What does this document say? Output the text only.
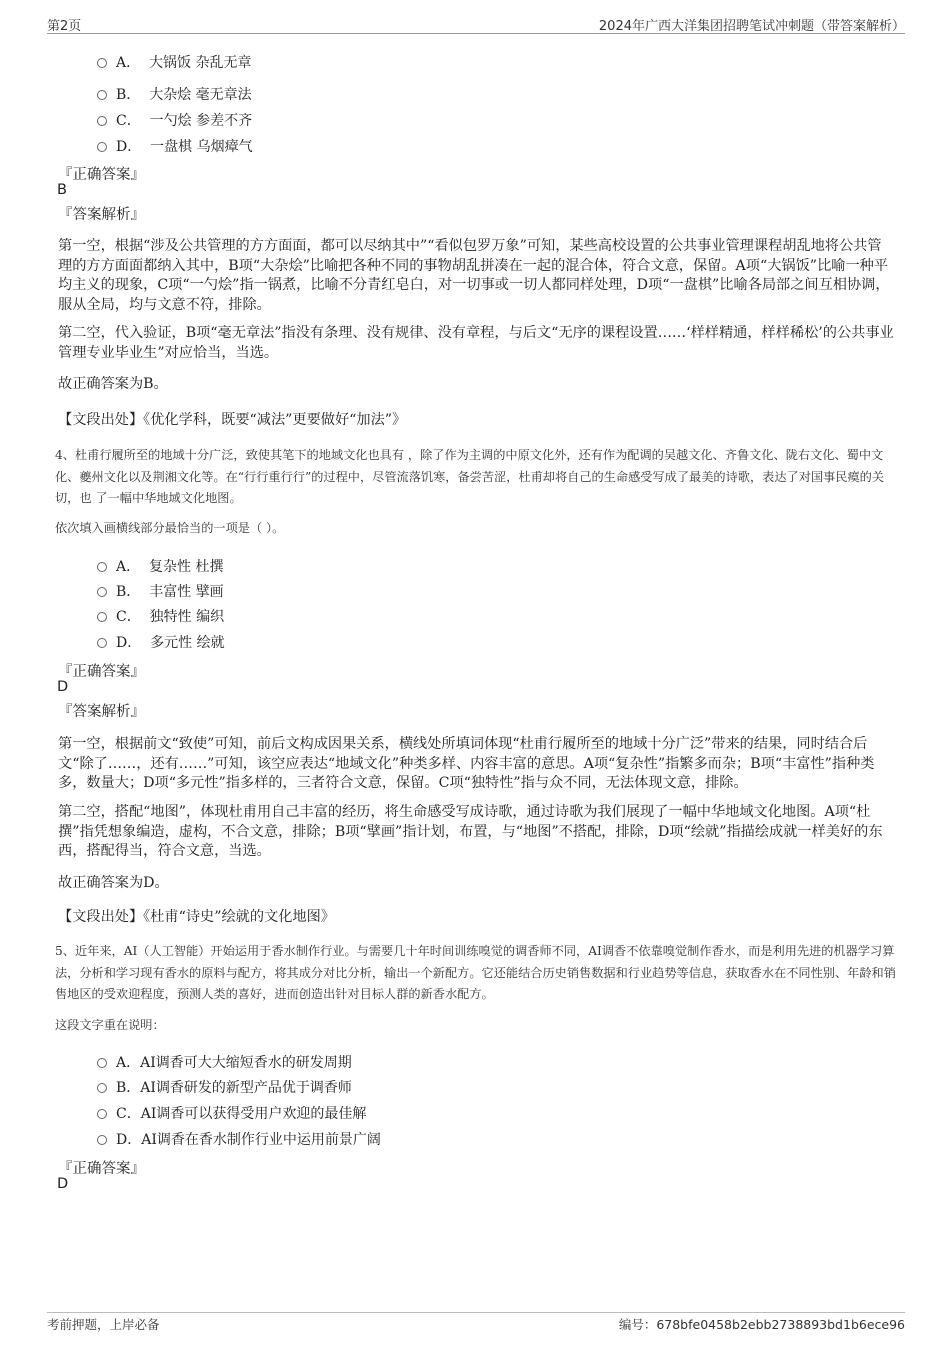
第2页	2024年广西大洋集团招聘笔试冲刺题（带答案解析）
A． 大锅饭 杂乱无章
B． 大杂烩 毫无章法
C． 一勺烩 参差不齐
D． 一盘棋 乌烟瘴气
『正确答案』
B
『答案解析』
第一空，根据“涉及公共管理的方方面面，都可以尽纳其中”“看似包罗万象”可知，某些高校设置的公共事业管理课程胡乱地将公共管理的方方面面都纳入其中，B项“大杂烩”比喻把各种不同的事物胡乱拼凑在一起的混合体，符合文意，保留。A项“大锅饭”比喻一种平均主义的现象，C项“一勺烩”指一锅煮，比喻不分青红皂白，对一切事或一切人都同样处理，D项“一盘棋”比喻各局部之间互相协调，服从全局，均与文意不符，排除。
第二空，代入验证，B项“毫无章法”指没有条理、没有规律、没有章程，与后文“无序的课程设置……‘样样精通，样样稀松’的公共事业管理专业毕业生”对应恰当，当选。
故正确答案为B。
【文段出处】《优化学科，既要“减法”更要做好“加法”》
4、杜甫行履所至的地域十分广泛，致使其笔下的地域文化也具有 ，除了作为主调的中原文化外，还有作为配调的吴越文化、齐鲁文化、陇右文化、蜀中文化、夔州文化以及荆湘文化等。在“行行重行行”的过程中，尽管流落饥寒，备尝苦涩，杜甫却将自己的生命感受写成了最美的诗歌，表达了对国事民瘼的关切，也 了一幅中华地域文化地图。
依次填入画横线部分最恰当的一项是（ ）。
A． 复杂性 杜撰
B． 丰富性 擘画
C． 独特性 编织
D． 多元性 绘就
『正确答案』
D
『答案解析』
第一空，根据前文“致使”可知，前后文构成因果关系，横线处所填词体现“杜甫行履所至的地域十分广泛”带来的结果，同时结合后文“除了……，还有……”可知，该空应表达“地域文化”种类多样、内容丰富的意思。A项“复杂性”指繁多而杂；B项“丰富性”指种类多，数量大；D项“多元性”指多样的，三者符合文意，保留。C项“独特性”指与众不同，无法体现文意，排除。
第二空，搭配“地图”，体现杜甫用自己丰富的经历，将生命感受写成诗歌，通过诗歌为我们展现了一幅中华地域文化地图。A项“杜撰”指凭想象编造，虚构，不合文意，排除；B项“擘画”指计划，布置，与“地图”不搭配，排除，D项“绘就”指描绘成就一样美好的东西，搭配得当，符合文意，当选。
故正确答案为D。
【文段出处】《杜甫“诗史”绘就的文化地图》
5、近年来，AI（人工智能）开始运用于香水制作行业。与需要几十年时间训练嗅觉的调香师不同，AI调香不依靠嗅觉制作香水，而是利用先进的机器学习算法，分析和学习现有香水的原料与配方，将其成分对比分析，输出一个新配方。它还能结合历史销售数据和行业趋势等信息，获取香水在不同性别、年龄和销售地区的受欢迎程度，预测人类的喜好，进而创造出针对目标人群的新香水配方。
这段文字重在说明：
A．AI调香可大大缩短香水的研发周期
B．AI调香研发的新型产品优于调香师
C．AI调香可以获得受用户欢迎的最佳解
D．AI调香在香水制作行业中运用前景广阔
『正确答案』
D
考前押题，上岸必备	编号：678bfe0458b2ebb2738893bd1b6ece96
